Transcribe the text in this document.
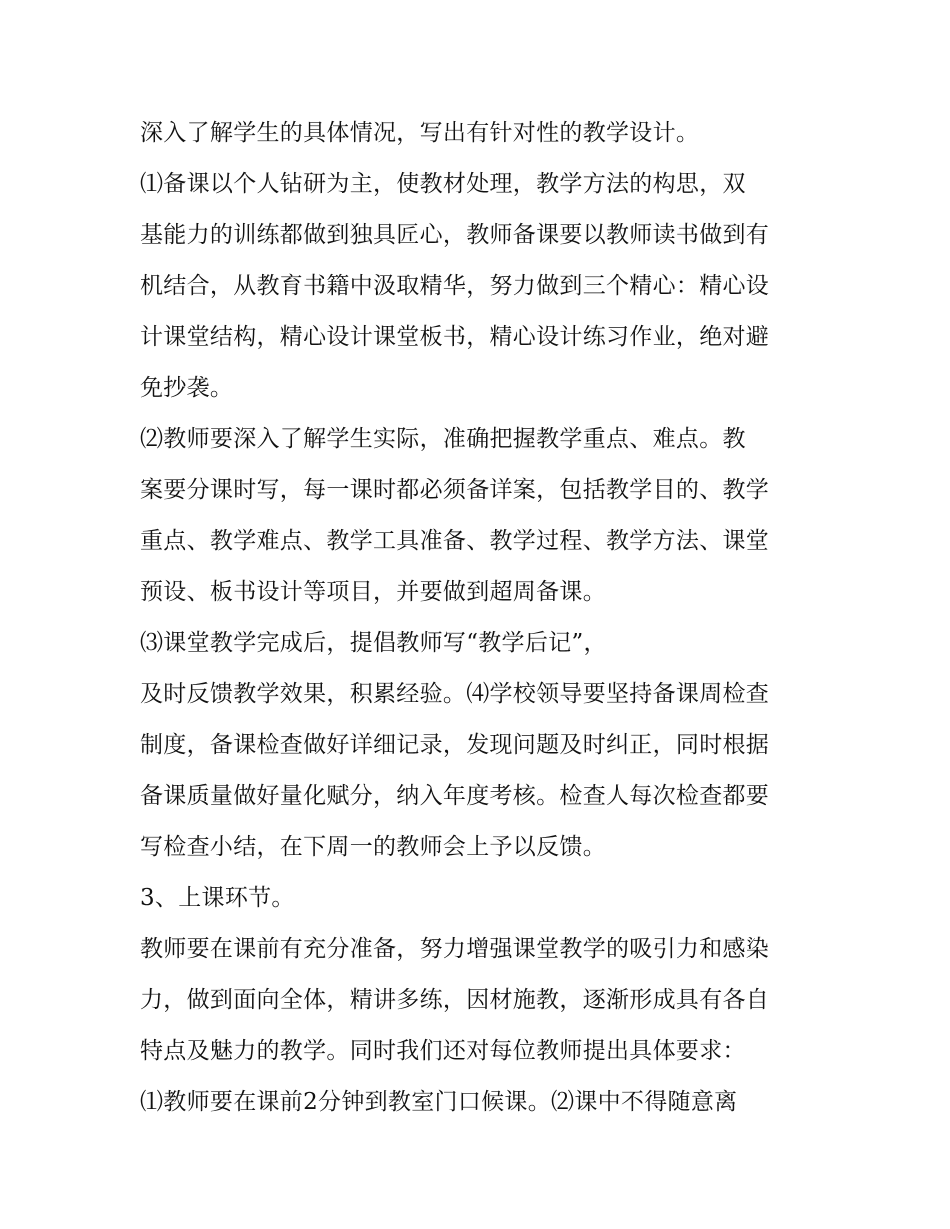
深入了解学生的具体情况，写出有针对性的教学设计。
⑴备课以个人钻研为主，使教材处理，教学方法的构思，双
基能力的训练都做到独具匠心，教师备课要以教师读书做到有
机结合，从教育书籍中汲取精华，努力做到三个精心：精心设
计课堂结构，精心设计课堂板书，精心设计练习作业，绝对避
免抄袭。
⑵教师要深入了解学生实际，准确把握教学重点、难点。教
案要分课时写，每一课时都必须备详案，包括教学目的、教学
重点、教学难点、教学工具准备、教学过程、教学方法、课堂
预设、板书设计等项目，并要做到超周备课。
⑶课堂教学完成后，提倡教师写“教学后记”，
及时反馈教学效果，积累经验。⑷学校领导要坚持备课周检查
制度，备课检查做好详细记录，发现问题及时纠正，同时根据
备课质量做好量化赋分，纳入年度考核。检查人每次检查都要
写检查小结，在下周一的教师会上予以反馈。
3、上课环节。
教师要在课前有充分准备，努力增强课堂教学的吸引力和感染
力，做到面向全体，精讲多练，因材施教，逐渐形成具有各自
特点及魅力的教学。同时我们还对每位教师提出具体要求：
⑴教师要在课前2分钟到教室门口候课。⑵课中不得随意离
